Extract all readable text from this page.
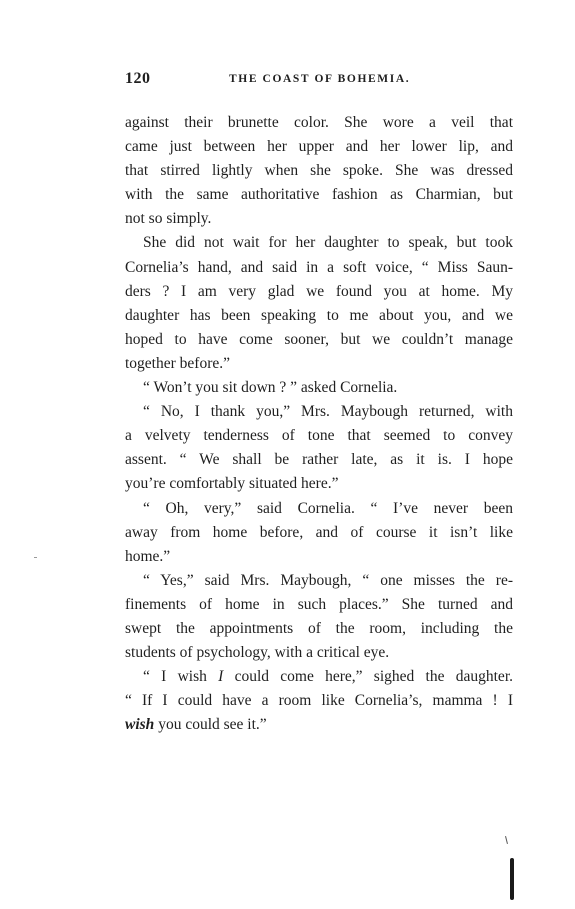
120	THE COAST OF BOHEMIA.
against their brunette color. She wore a veil that
came just between her upper and her lower lip, and
that stirred lightly when she spoke. She was dressed
with the same authoritative fashion as Charmian, but
not so simply.
She did not wait for her daughter to speak, but took
Cornelia’s hand, and said in a soft voice, “ Miss Saun-
ders ? I am very glad we found you at home. My
daughter has been speaking to me about you, and we
hoped to have come sooner, but we couldn’t manage
together before.”
“ Won’t you sit down ? ” asked Cornelia.
“ No, I thank you,” Mrs. Maybough returned, with
a velvety tenderness of tone that seemed to convey
assent. “ We shall be rather late, as it is. I hope
you’re comfortably situated here.”
“ Oh, very,” said Cornelia. “ I’ve never been
away from home before, and of course it isn’t like
home.”
“ Yes,” said Mrs. Maybough, “ one misses the re-
finements of home in such places.” She turned and
swept the appointments of the room, including the
students of psychology, with a critical eye.
“ I wish I could come here,” sighed the daughter.
“ If I could have a room like Cornelia’s, mamma ! I
wish you could see it.”
